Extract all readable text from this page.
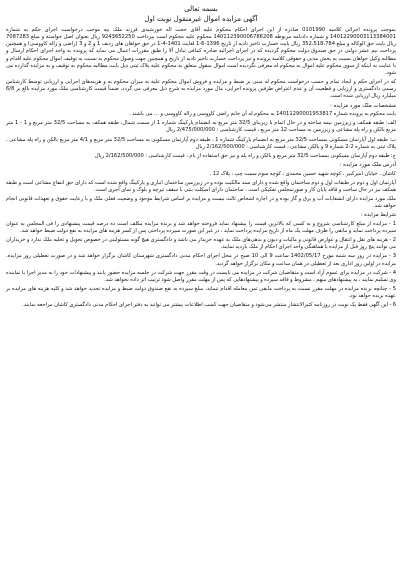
بسمه تعالی

آگهی مزایده اموال غیرمنقول نوبت اول

بموجب پرونده اجرائی کلاسه 0101990 صادره از این اجرای احکام محکوم علیه آقای حجت اله خورشیدی فرزند ملک بیه موجب درخواست اجرای حکم به شماره 14012290003113384001 و شماره دادنامه مربوطه 140112390006786208 محکوم علیه محکوم است بپرداخت 9243652250 ریال بعنوان اصل خواسته و مبلغ 7087283 ریال بابت حق الوکاله و مبلغ 352،518،784 ریال بابت خسارت تاخیر تادیه از تاریخ 1396-6-1 لغایت 1401-4-1 در حق خواهان های ردیف 1 و 2 و 3 (راضی و زاله کاووسی) و همچنین پرداخت نیم عشر دولتی در حق صندوق دولت محکوم گردیده که در اجرای اجرائیه صادره کمافی تبادل آلا را طبق مقررات اعمال می نماید که پرونده به واحد اجرای احکام ارسال و مطالبه وکیل خواهان نسبت به بخش مدنی و حقوقی کلاسه پرونده و نیز پرداخت خسارت تاخیر تادیه از تاریخ و همچنین جهت وصول محکوم به نسبت به توقیف اموال محکوم علیه اقدام و با عنایت به اینکه از سوی محکوم علیه اموال به محکوم له معرفی نگردیده است اموال منقول متعلق به محکوم علیه پلاک ثبتی ذیل بابت مطالبه محکوم به توقیف و به مزایده گذارده می شود.

که در اجرای حکم و ایجاد تمام و حسب درخواست محکوم له مبنی بر ضبط و مزایده و فروش اموال محکوم علیه به میزان محکوم به و هزینه‌های اجرایی و ارزیابی توسط کارشناس رسمی دادگستری و ارزیابی و قطعیت آن و عدم اعتراض طرفین پرونده اجرایی، مال مورد مزایده به شرح ذیل معرفی می گردد، ضمناً قیمت کارشناسی ملک مورد مزایده بالغ بر 6/8 میلیارد ریال ارزیابی شده است.

مشخصات ملک مورد مزایده :

بابت محکوم به پرونده شماره 14011290001953817 به محکوم له آن خانم راضی کاووسی و زاله کاووسی و ... می باشند .

الف: طبقه همکف و زیرزمین نیمه ساخته و در حال اتمام با زیربنای 32/5 متر مربع به انضمام پارکینگ شماره 1 از سمت شمال، طبقه همکف به مساحت 32/5 متر مربع و 1 - 1 متر مربع بالکن و راه پله مشاعی و زیرزمین به مساحت 12 متر مربع ، قیمت کارشناسی : 2/475/000/000 ریال

ب: طبقه اول آپارتمان مسکونی بمساحت 32/5 متر مربع به انضمام پارکینگ شماره 1 ، طبقه دوم آپارتمان مسکونی به مساحت 32/5 متر مربع و 4/1 متر مربع بالکن و راه پله مشاعی ، پلاک ثبتی به شماره 2-2 شماره 9 و بالکن مشاعی ، قیمت کارشناسی : 2/162/500/000 ریال

ج: طبقه دوم آپارتمان مسکونی بمساحت 32/5 متر مربع و بالکن و راه پله و نیز حق استفاده از بام ، قیمت کارشناسی : 2/162/500/000 ریال

آدرس ملک مورد مزایده :

کاشان ، خیابان امیرکبیر ، کوچه شهید حسین محمدی ، کوچه سوم سمت چپ ، پلاک 12 .

آپارتمان اول و دوم در طبقات اول و دوم ساختمان واقع شده و دارای سند مالکیت بوده و در زیرزمین ساختمان انباری و پارکینگ واقع شده است که دارای حق انتفاع مشاعی است و طبقه همکف نیز در حال ساخت و فاقد پایان کار و صورتمجلس تفکیکی است ، ساختمان دارای اسکلت بتنی با سقف تیرچه و بلوک و نمای آجری است.

ملک مورد مزایده دارای انشعابات آب و برق و گاز بوده و در اجاره اشخاص ثالث نیست و مزایده بر اساس شرایط موجود و وضعیت فعلی ملک و با رعایت حقوق و تعهدات قانونی انجام خواهد شد.

شرایط مزایده :

1 - مزایده از مبلغ کارشناسی شروع و به کسی که بالاترین قیمت را پیشنهاد نماید فروخته خواهد شد و برنده مزایده مکلف است ده درصد قیمت پیشنهادی را فی المجلس به عنوان سپرده پرداخت نماید و مابقی را ظرف مهلت یک ماه از تاریخ مزایده پرداخت نماید ، در غیر این صورت سپرده پرداختی پس از کسر هزینه های مزایده به نفع دولت ضبط خواهد شد.

2 - هزینه های نقل و انتقال و عوارض قانونی و مالیات و دیون و بدهی‌های ملک به عهده خریدار می باشد و دادگستری هیچ گونه مسئولیتی در خصوص تحویل و تخلیه ملک ندارد و خریداران می توانند پنج روز قبل از مزایده با هماهنگی واحد اجرای احکام از ملک بازدید نمایند.

3 - مزایده در روز سه شنبه مورخ 1402/05/17 ساعت 9 الی 10 صبح در محل اجرای احکام مدنی دادگستری شهرستان کاشان برگزار خواهد شد و در صورت تعطیلی روز مزایده، مزایده در اولین روز اداری بعد از تعطیلی در همان ساعت و مکان برگزار خواهد گردید.

4 - شرکت در مزایده برای عموم آزاد است و متقاضیان شرکت در مزایده می بایست در وقت مقرر جهت شرکت در جلسه مزایده حضور یابند و پیشنهادات خود را به مدیر اجرا یا نماینده وی تسلیم نمایند ، به پیشنهادهای مبهم ، مشروط و فاقد سپرده و پیشنهادهایی که پس از مهلت مقرر واصل شود ترتیب اثر داده نخواهد شد.

5 - چنانچه برنده مزایده در مهلت مقرر نسبت به پرداخت مابقی ثمن معامله اقدام ننماید، مبلغ سپرده به نفع صندوق دولت ضبط و مزایده تجدید خواهد شد و کلیه هزینه های مزایده بر عهده برنده خواهد بود.

6 - این آگهی فقط یک نوبت در روزنامه کثیرالانتشار منتشر می‌شود و متقاضیان جهت کسب اطلاعات بیشتر می توانند به دفتر اجرای احکام مدنی دادگستری کاشان مراجعه نمایند.
